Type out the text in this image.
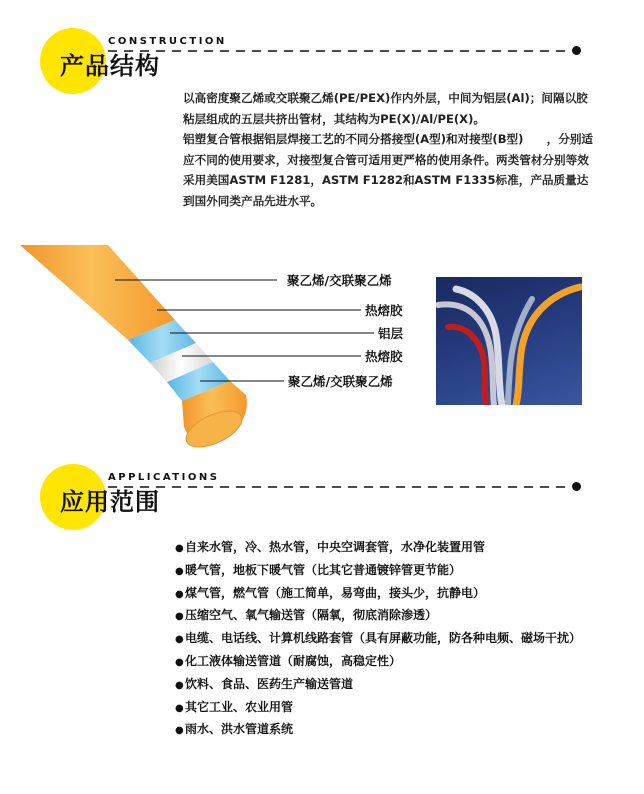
CONSTRUCTION
产品结构

以高密度聚乙烯或交联聚乙烯(PE/PEX)作内外层，中间为铝层(Al)；间隔以胶粘层组成的五层共挤出管材，其结构为PE(X)/Al/PE(X)。

铝塑复合管根据铝层焊接工艺的不同分搭接型(A型)和对接型(B型)　　，分别适应不同的使用要求，对接型复合管可适用更严格的使用条件。两类管材分别等效采用美国ASTM F1281，ASTM F1282和ASTM F1335标准，产品质量达到国外同类产品先进水平。

聚乙烯/交联聚乙烯
热熔胶
铝层
热熔胶
聚乙烯/交联聚乙烯
APPLICATIONS
应用范围
●自来水管，冷、热水管，中央空调套管，水净化装置用管
●暖气管，地板下暖气管（比其它普通镀锌管更节能）
●煤气管，燃气管（施工简单，易弯曲，接头少，抗静电）
●压缩空气、氧气输送管（隔氧，彻底消除渗透）
●电缆、电话线、计算机线路套管（具有屏蔽功能，防各种电频、磁场干扰）
●化工液体输送管道（耐腐蚀，高稳定性）
●饮料、食品、医药生产输送管道
●其它工业、农业用管
●雨水、洪水管道系统
